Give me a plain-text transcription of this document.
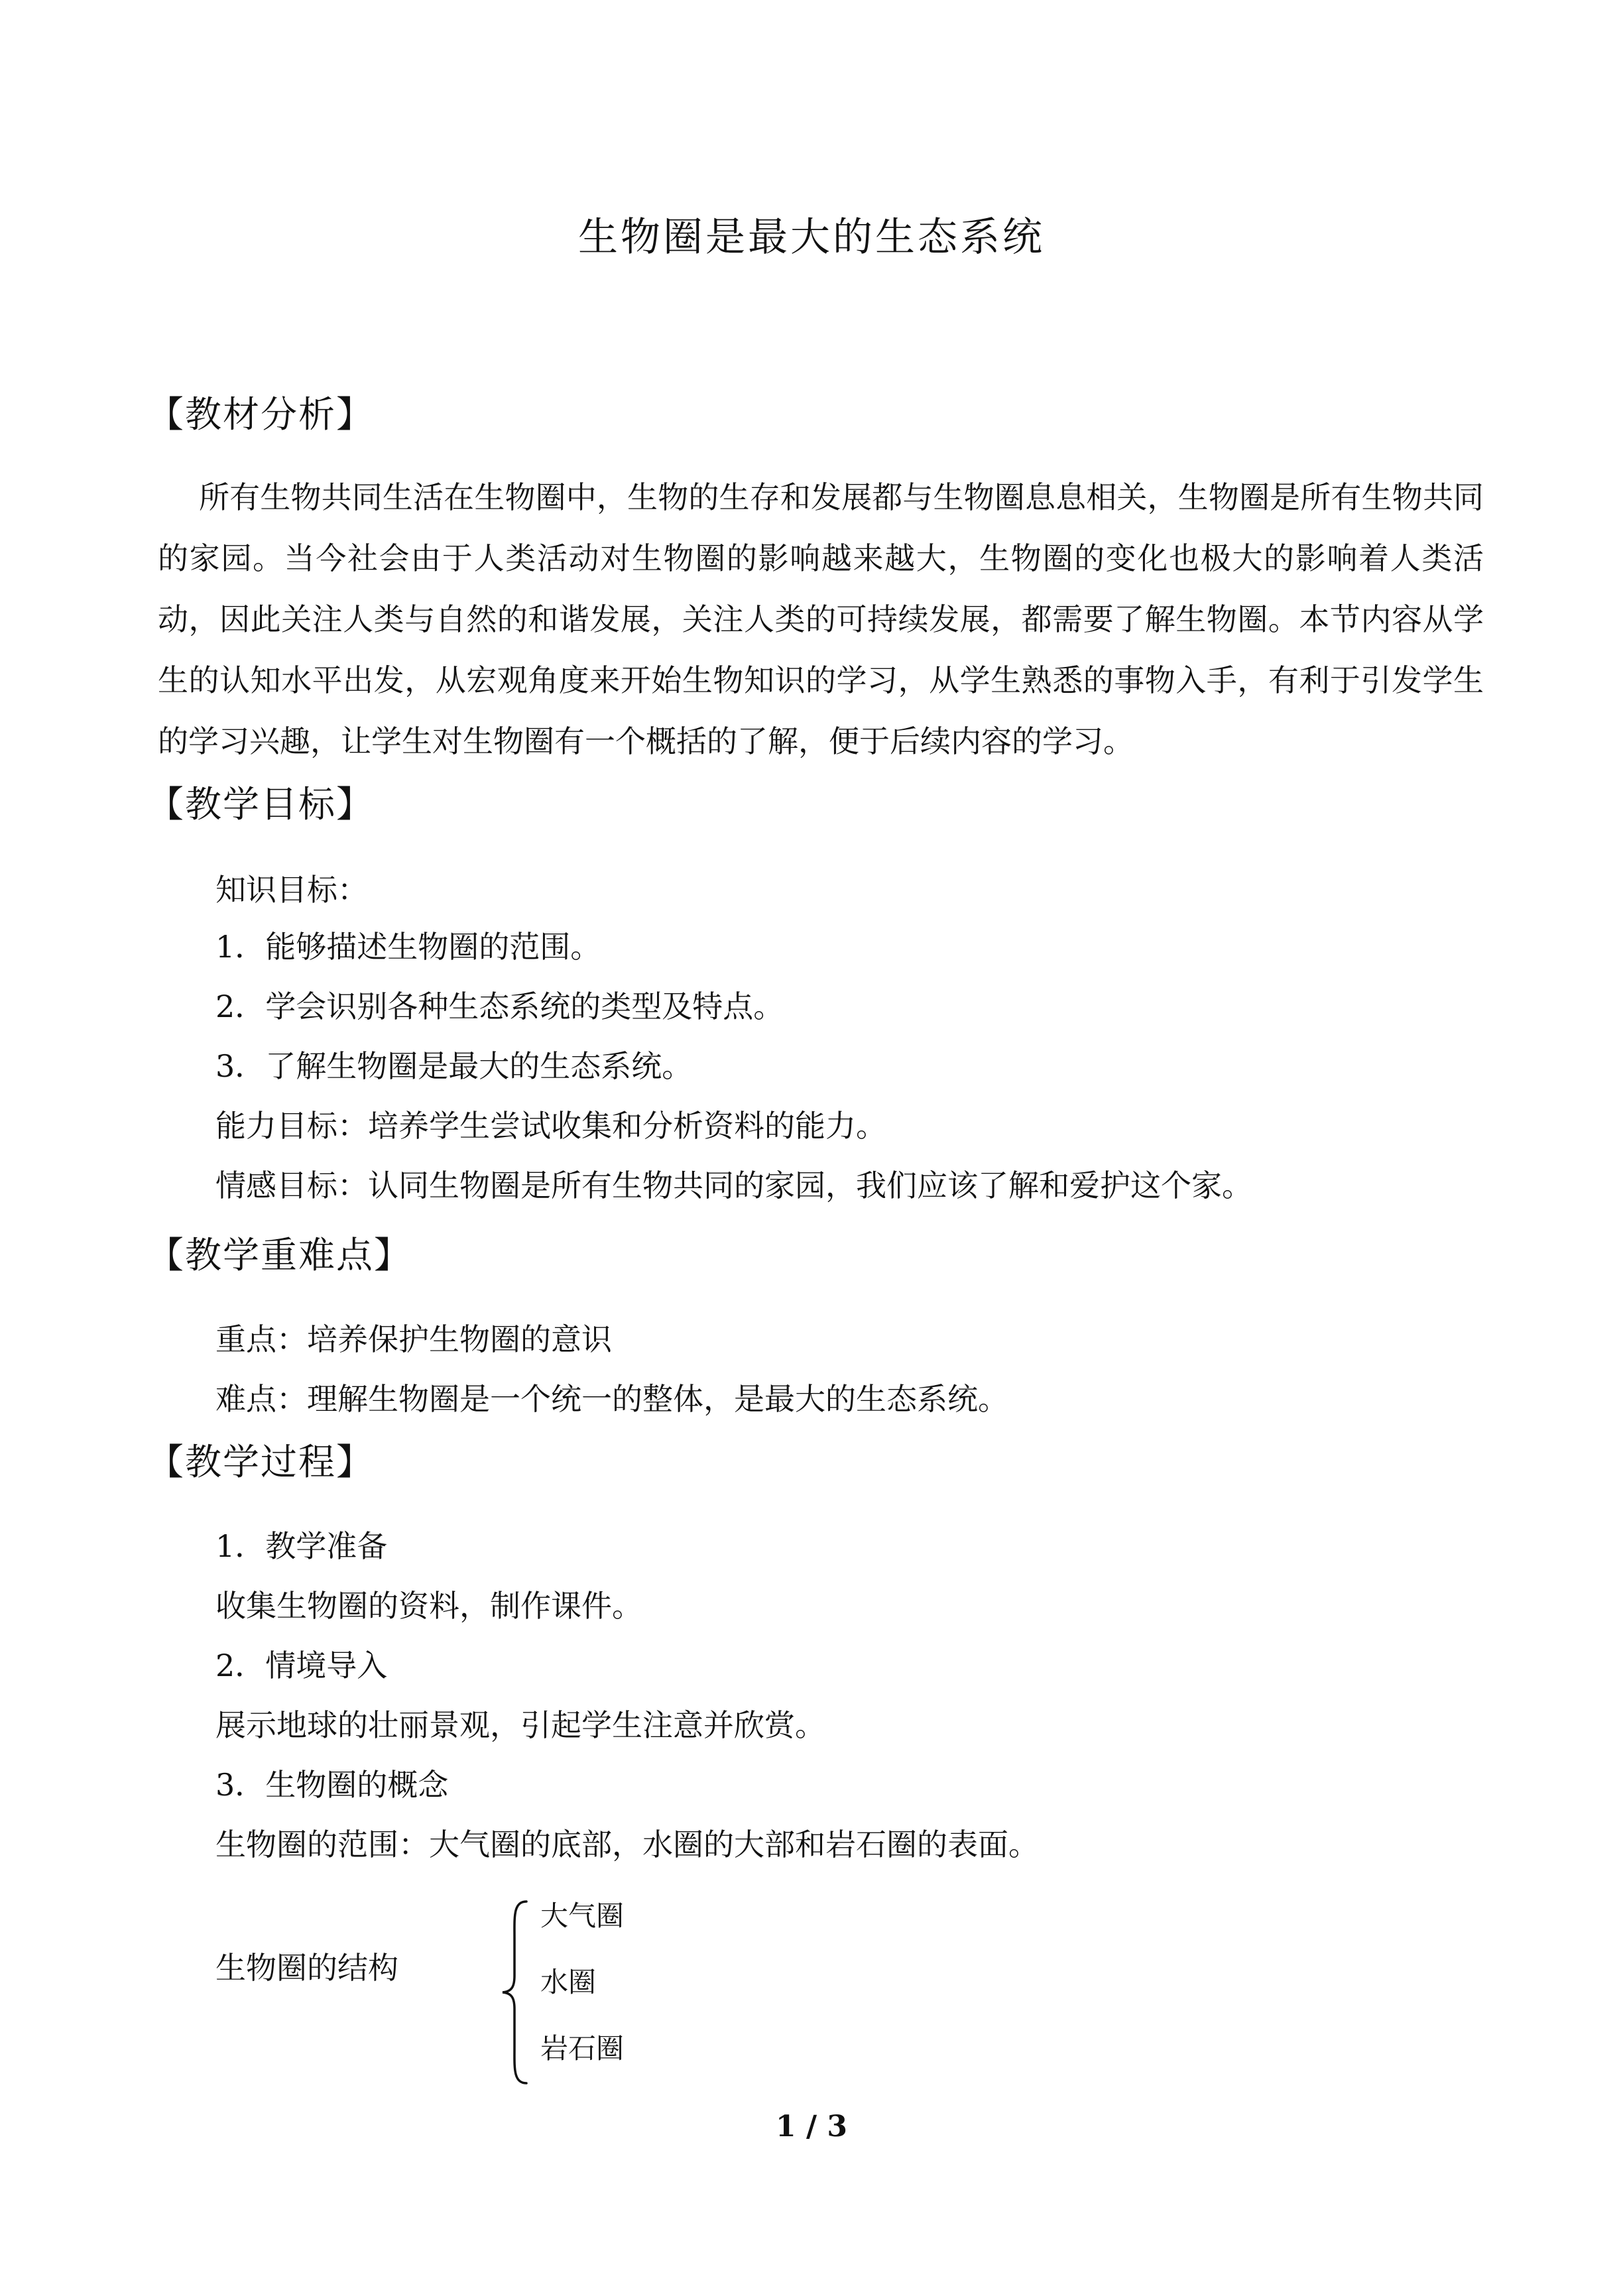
生物圈是最大的生态系统
【教材分析】
所有生物共同生活在生物圈中，生物的生存和发展都与生物圈息息相关，生物圈是所有生物共同的家园。当今社会由于人类活动对生物圈的影响越来越大，生物圈的变化也极大的影响着人类活动，因此关注人类与自然的和谐发展，关注人类的可持续发展，都需要了解生物圈。本节内容从学生的认知水平出发，从宏观角度来开始生物知识的学习，从学生熟悉的事物入手，有利于引发学生的学习兴趣，让学生对生物圈有一个概括的了解，便于后续内容的学习。
【教学目标】
知识目标：
1．能够描述生物圈的范围。
2．学会识别各种生态系统的类型及特点。
3．了解生物圈是最大的生态系统。
能力目标：培养学生尝试收集和分析资料的能力。
情感目标：认同生物圈是所有生物共同的家园，我们应该了解和爱护这个家。
【教学重难点】
重点：培养保护生物圈的意识
难点：理解生物圈是一个统一的整体，是最大的生态系统。
【教学过程】
1．教学准备
收集生物圈的资料，制作课件。
2．情境导入
展示地球的壮丽景观，引起学生注意并欣赏。
3．生物圈的概念
生物圈的范围：大气圈的底部，水圈的大部和岩石圈的表面。
生物圈的结构
大气圈
水圈
岩石圈
1 / 3
